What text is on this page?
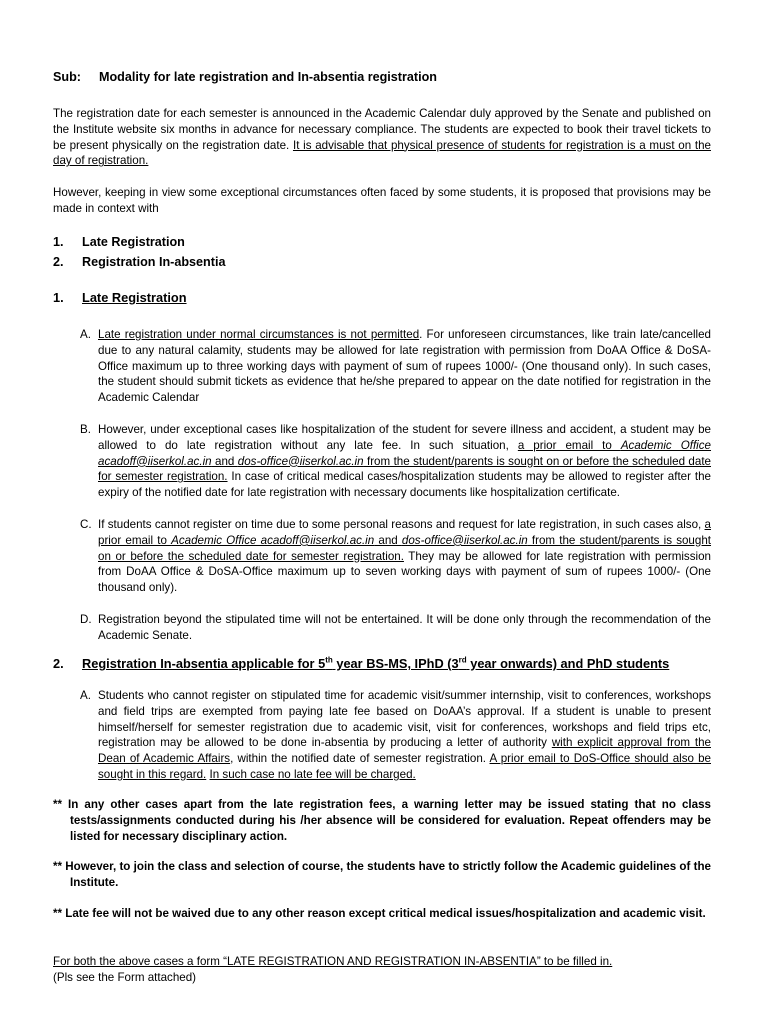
Sub: Modality for late registration and In-absentia registration
The registration date for each semester is announced in the Academic Calendar duly approved by the Senate and published on the Institute website six months in advance for necessary compliance. The students are expected to book their travel tickets to be present physically on the registration date. It is advisable that physical presence of students for registration is a must on the day of registration.
However, keeping in view some exceptional circumstances often faced by some students, it is proposed that provisions may be made in context with
1. Late Registration
2. Registration In-absentia
1. Late Registration
A. Late registration under normal circumstances is not permitted. For unforeseen circumstances, like train late/cancelled due to any natural calamity, students may be allowed for late registration with permission from DoAA Office & DoSA-Office maximum up to three working days with payment of sum of rupees 1000/- (One thousand only). In such cases, the student should submit tickets as evidence that he/she prepared to appear on the date notified for registration in the Academic Calendar
B. However, under exceptional cases like hospitalization of the student for severe illness and accident, a student may be allowed to do late registration without any late fee. In such situation, a prior email to Academic Office acadoff@iiserkol.ac.in and dos-office@iiserkol.ac.in from the student/parents is sought on or before the scheduled date for semester registration. In case of critical medical cases/hospitalization students may be allowed to register after the expiry of the notified date for late registration with necessary documents like hospitalization certificate.
C. If students cannot register on time due to some personal reasons and request for late registration, in such cases also, a prior email to Academic Office acadoff@iiserkol.ac.in and dos-office@iiserkol.ac.in from the student/parents is sought on or before the scheduled date for semester registration. They may be allowed for late registration with permission from DoAA Office & DoSA-Office maximum up to seven working days with payment of sum of rupees 1000/- (One thousand only).
D. Registration beyond the stipulated time will not be entertained. It will be done only through the recommendation of the Academic Senate.
2. Registration In-absentia applicable for 5th year BS-MS, IPhD (3rd year onwards) and PhD students
A. Students who cannot register on stipulated time for academic visit/summer internship, visit to conferences, workshops and field trips are exempted from paying late fee based on DoAA’s approval. If a student is unable to present himself/herself for semester registration due to academic visit, visit for conferences, workshops and field trips etc, registration may be allowed to be done in-absentia by producing a letter of authority with explicit approval from the Dean of Academic Affairs, within the notified date of semester registration. A prior email to DoS-Office should also be sought in this regard. In such case no late fee will be charged.
** In any other cases apart from the late registration fees, a warning letter may be issued stating that no class tests/assignments conducted during his /her absence will be considered for evaluation. Repeat offenders may be listed for necessary disciplinary action.
** However, to join the class and selection of course, the students have to strictly follow the Academic guidelines of the Institute.
** Late fee will not be waived due to any other reason except critical medical issues/hospitalization and academic visit.
For both the above cases a form “LATE REGISTRATION AND REGISTRATION IN-ABSENTIA” to be filled in.
(Pls see the Form attached)
